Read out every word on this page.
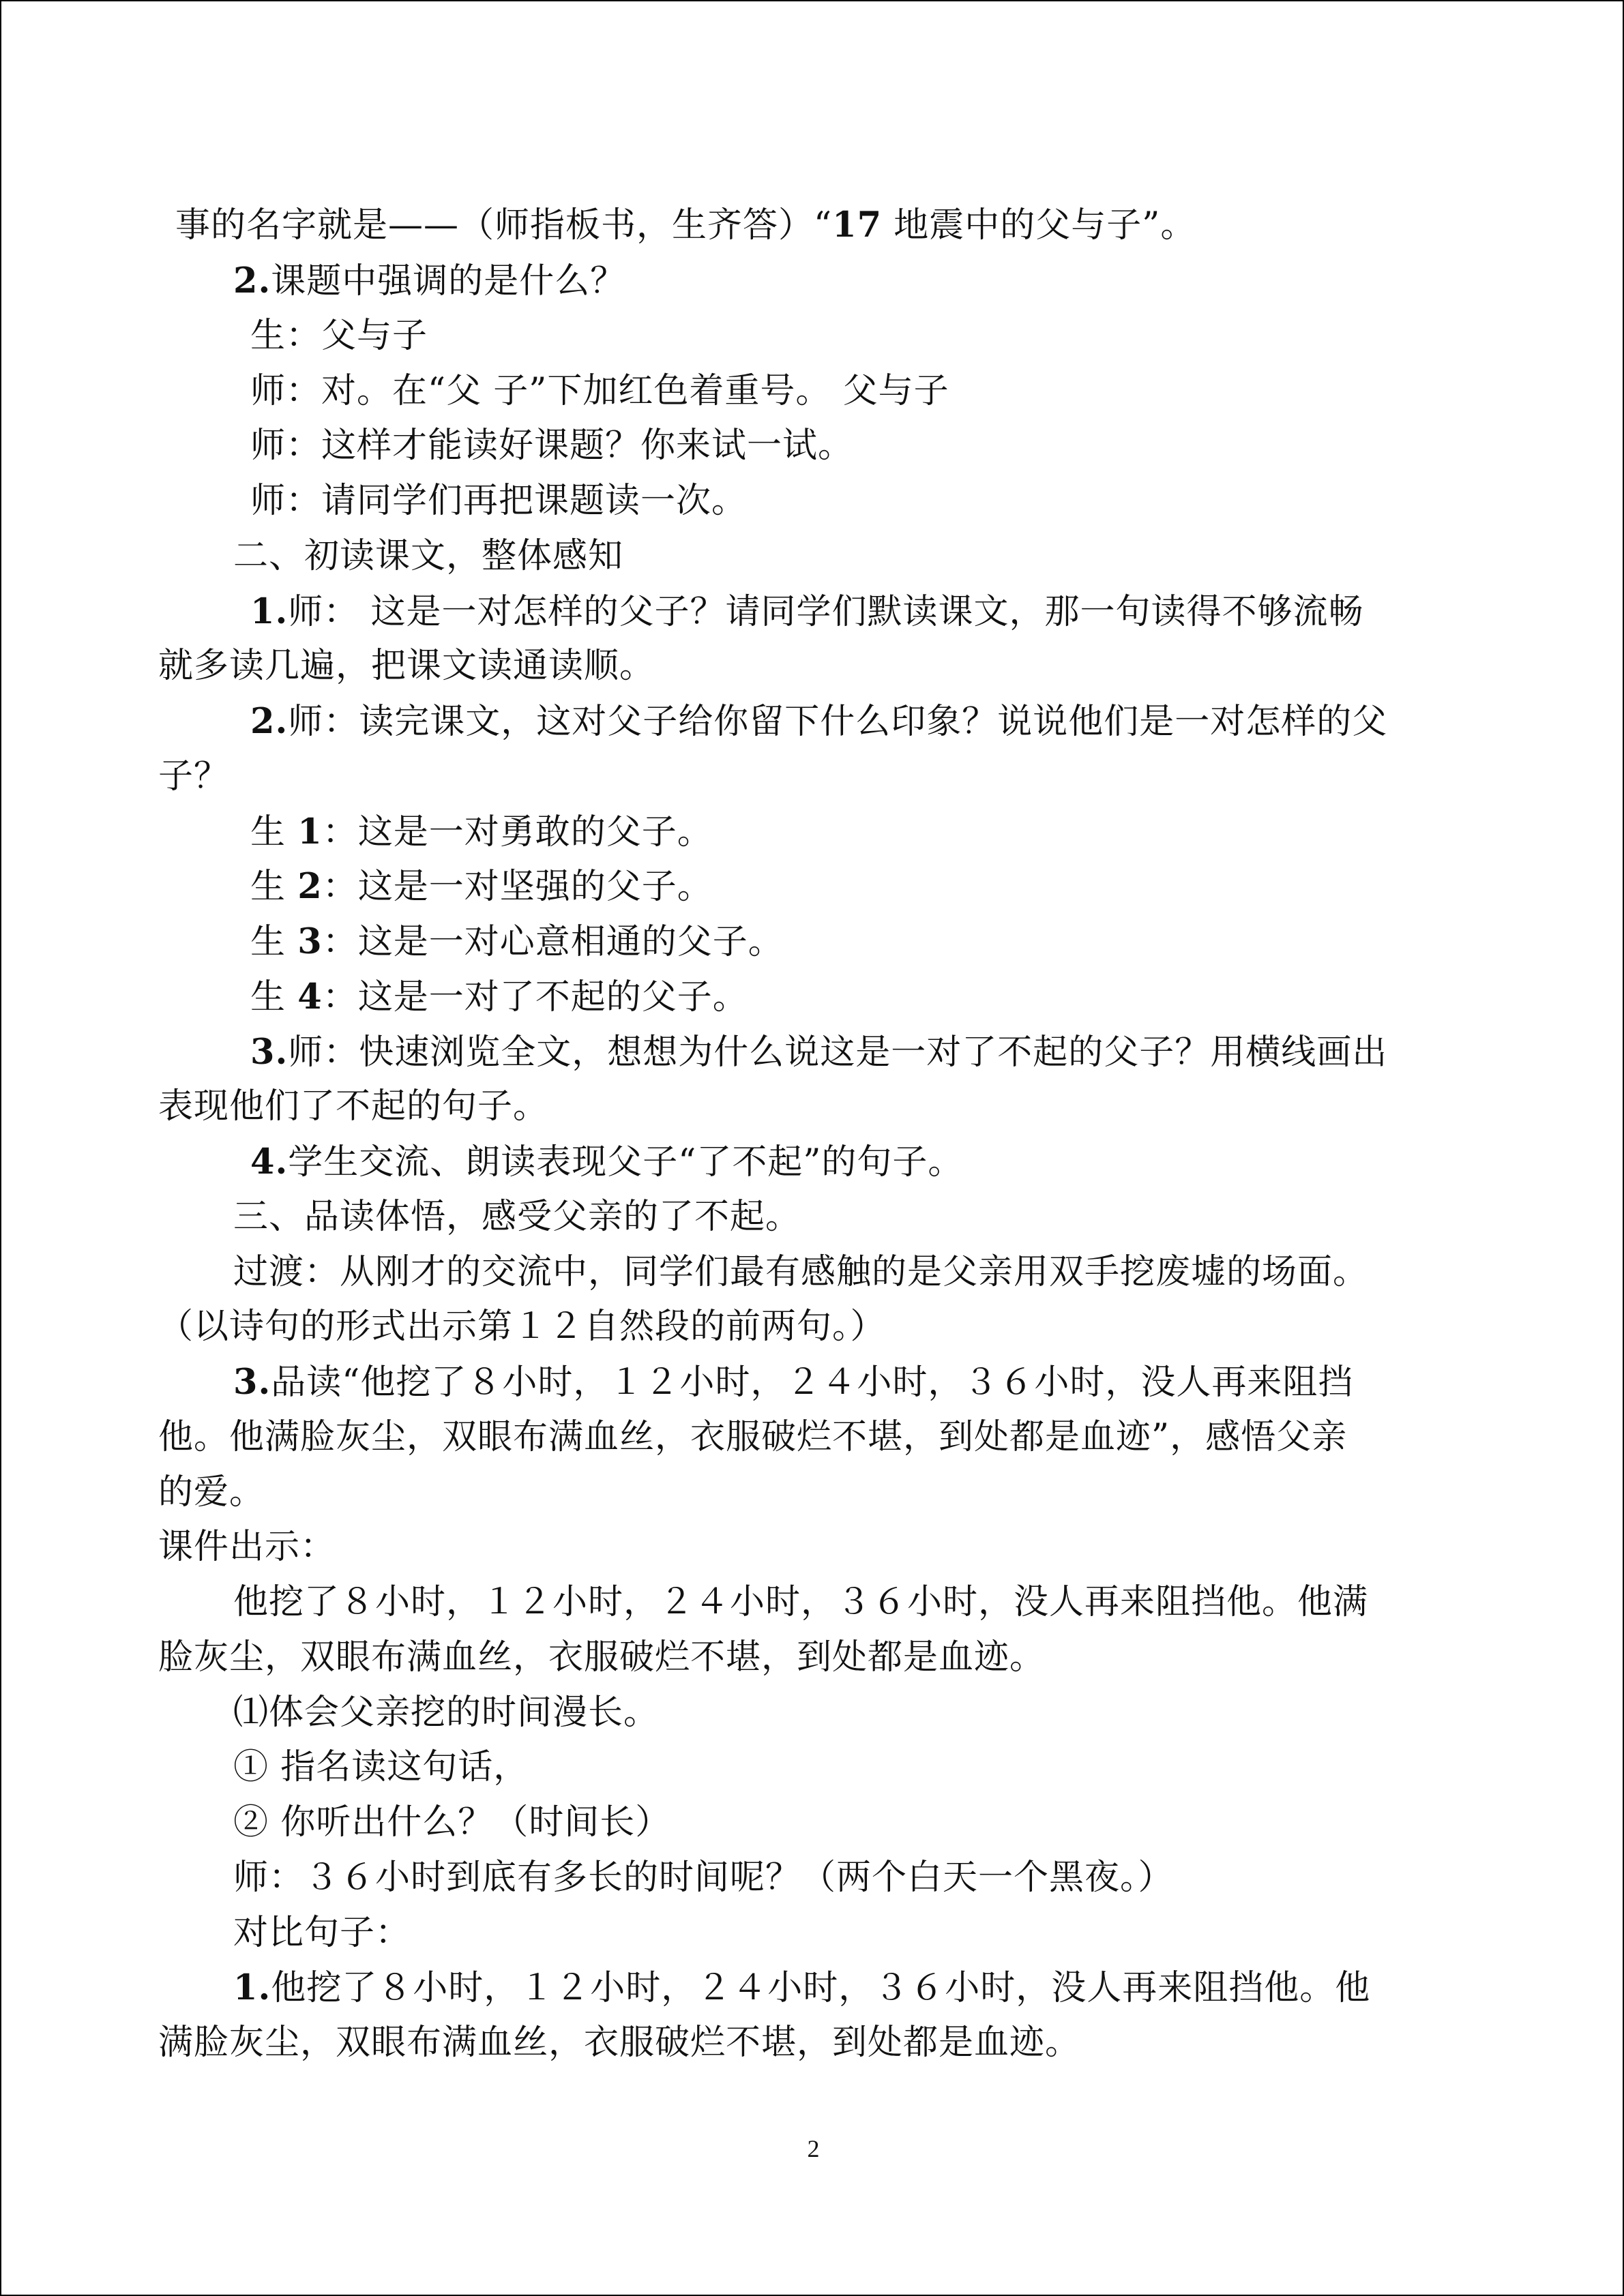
事的名字就是——（师指板书，生齐答）“17 地震中的父与子”。
2.课题中强调的是什么？
生：父与子
师：对。在“父 子”下加红色着重号。 父与子
师：这样才能读好课题？你来试一试。
师：请同学们再把课题读一次。
二、初读课文，整体感知
1.师： 这是一对怎样的父子？请同学们默读课文，那一句读得不够流畅
就多读几遍，把课文读通读顺。
2.师：读完课文，这对父子给你留下什么印象？说说他们是一对怎样的父
子？
生 1：这是一对勇敢的父子。
生 2：这是一对坚强的父子。
生 3：这是一对心意相通的父子。
生 4：这是一对了不起的父子。
3.师：快速浏览全文，想想为什么说这是一对了不起的父子？用横线画出
表现他们了不起的句子。
4.学生交流、朗读表现父子“了不起”的句子。
三、品读体悟，感受父亲的了不起。
过渡：从刚才的交流中，同学们最有感触的是父亲用双手挖废墟的场面。
（以诗句的形式出示第１２自然段的前两句。）
3.品读“他挖了８小时，１２小时，２４小时，３６小时，没人再来阻挡
他。他满脸灰尘，双眼布满血丝，衣服破烂不堪，到处都是血迹”，感悟父亲
的爱。
课件出示：
他挖了８小时，１２小时，２４小时，３６小时，没人再来阻挡他。他满
脸灰尘，双眼布满血丝，衣服破烂不堪，到处都是血迹。
⑴体会父亲挖的时间漫长。
① 指名读这句话，
② 你听出什么？（时间长）
师：３６小时到底有多长的时间呢？（两个白天一个黑夜。）
对比句子：
1.他挖了８小时，１２小时，２４小时，３６小时，没人再来阻挡他。他
满脸灰尘，双眼布满血丝，衣服破烂不堪，到处都是血迹。
2
